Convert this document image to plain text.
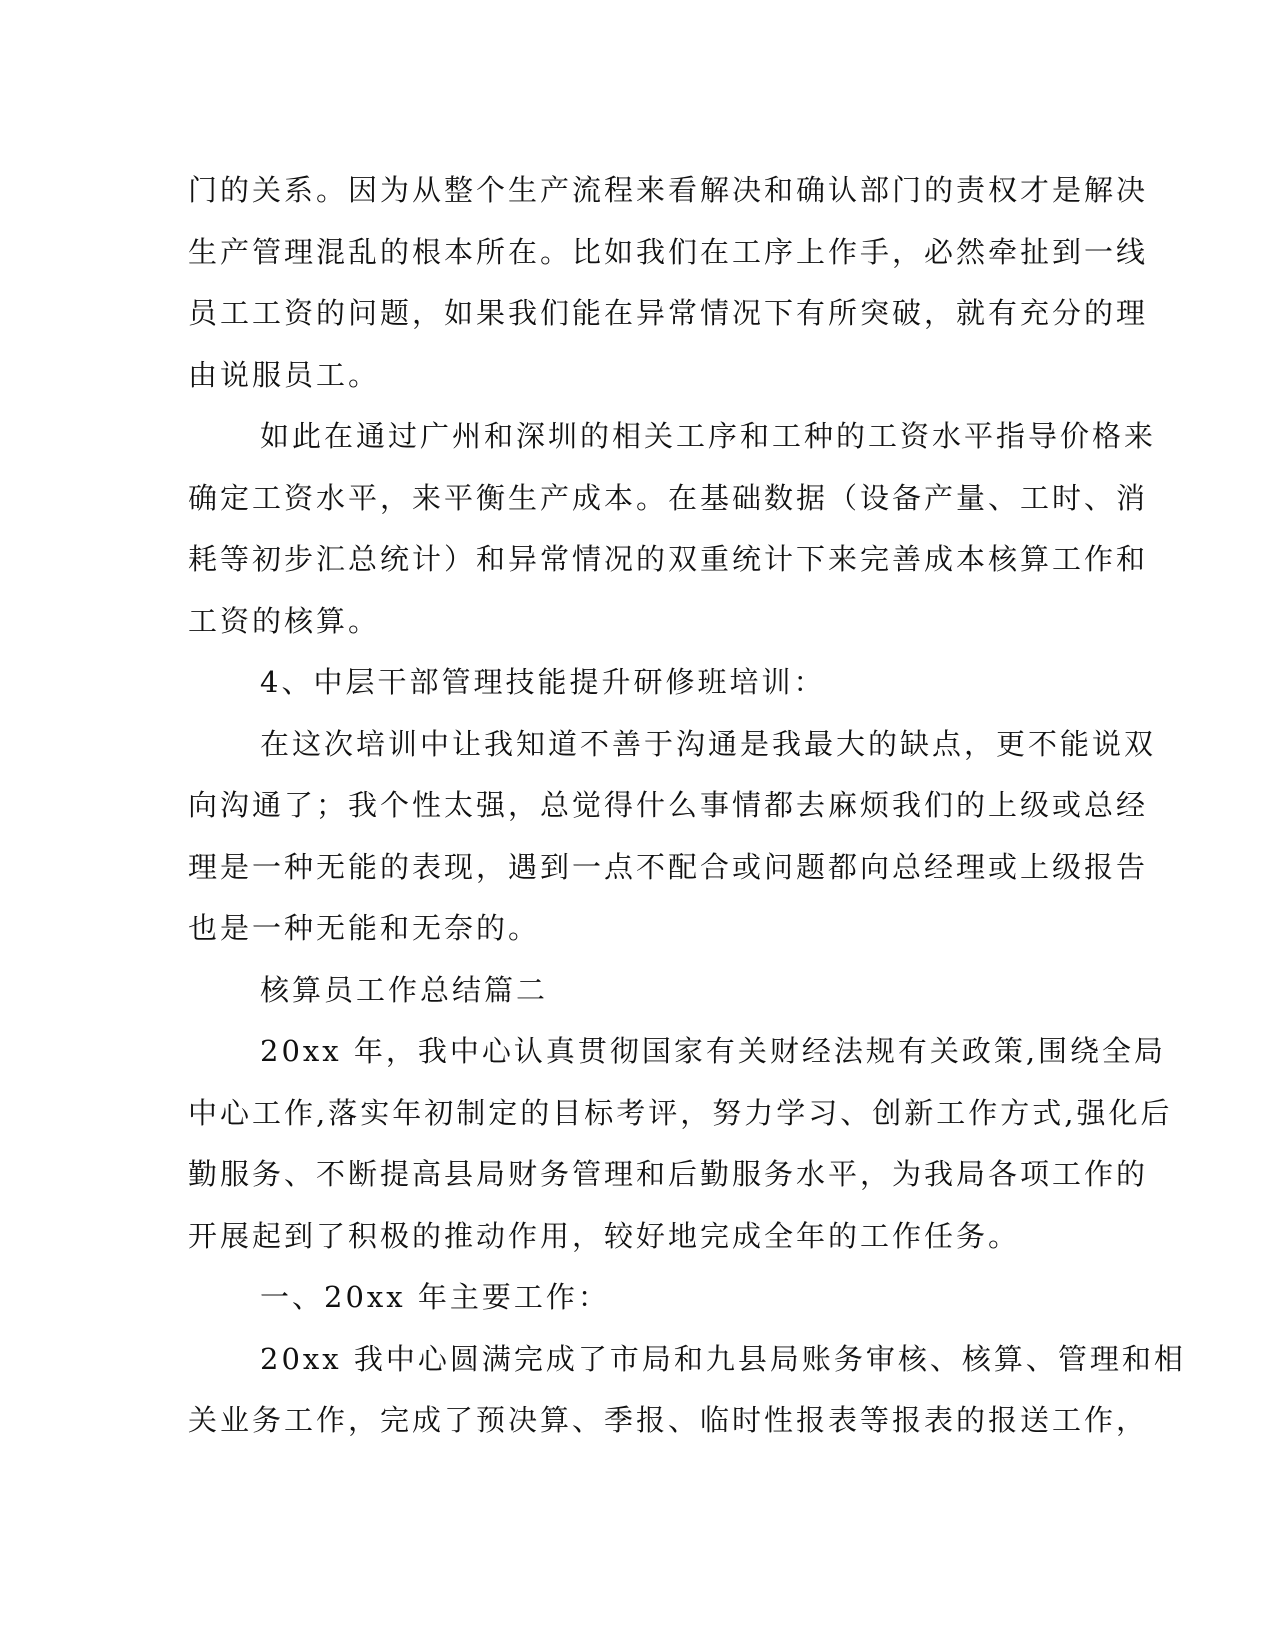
门的关系。因为从整个生产流程来看解决和确认部门的责权才是解决
生产管理混乱的根本所在。比如我们在工序上作手，必然牵扯到一线
员工工资的问题，如果我们能在异常情况下有所突破，就有充分的理
由说服员工。
如此在通过广州和深圳的相关工序和工种的工资水平指导价格来
确定工资水平，来平衡生产成本。在基础数据（设备产量、工时、消
耗等初步汇总统计）和异常情况的双重统计下来完善成本核算工作和
工资的核算。
4、中层干部管理技能提升研修班培训：
在这次培训中让我知道不善于沟通是我最大的缺点，更不能说双
向沟通了；我个性太强，总觉得什么事情都去麻烦我们的上级或总经
理是一种无能的表现，遇到一点不配合或问题都向总经理或上级报告
也是一种无能和无奈的。
核算员工作总结篇二
20xx 年，我中心认真贯彻国家有关财经法规有关政策,围绕全局
中心工作,落实年初制定的目标考评，努力学习、创新工作方式,强化后
勤服务、不断提高县局财务管理和后勤服务水平，为我局各项工作的
开展起到了积极的推动作用，较好地完成全年的工作任务。
一、20xx 年主要工作：
20xx 我中心圆满完成了市局和九县局账务审核、核算、管理和相
关业务工作，完成了预决算、季报、临时性报表等报表的报送工作，
